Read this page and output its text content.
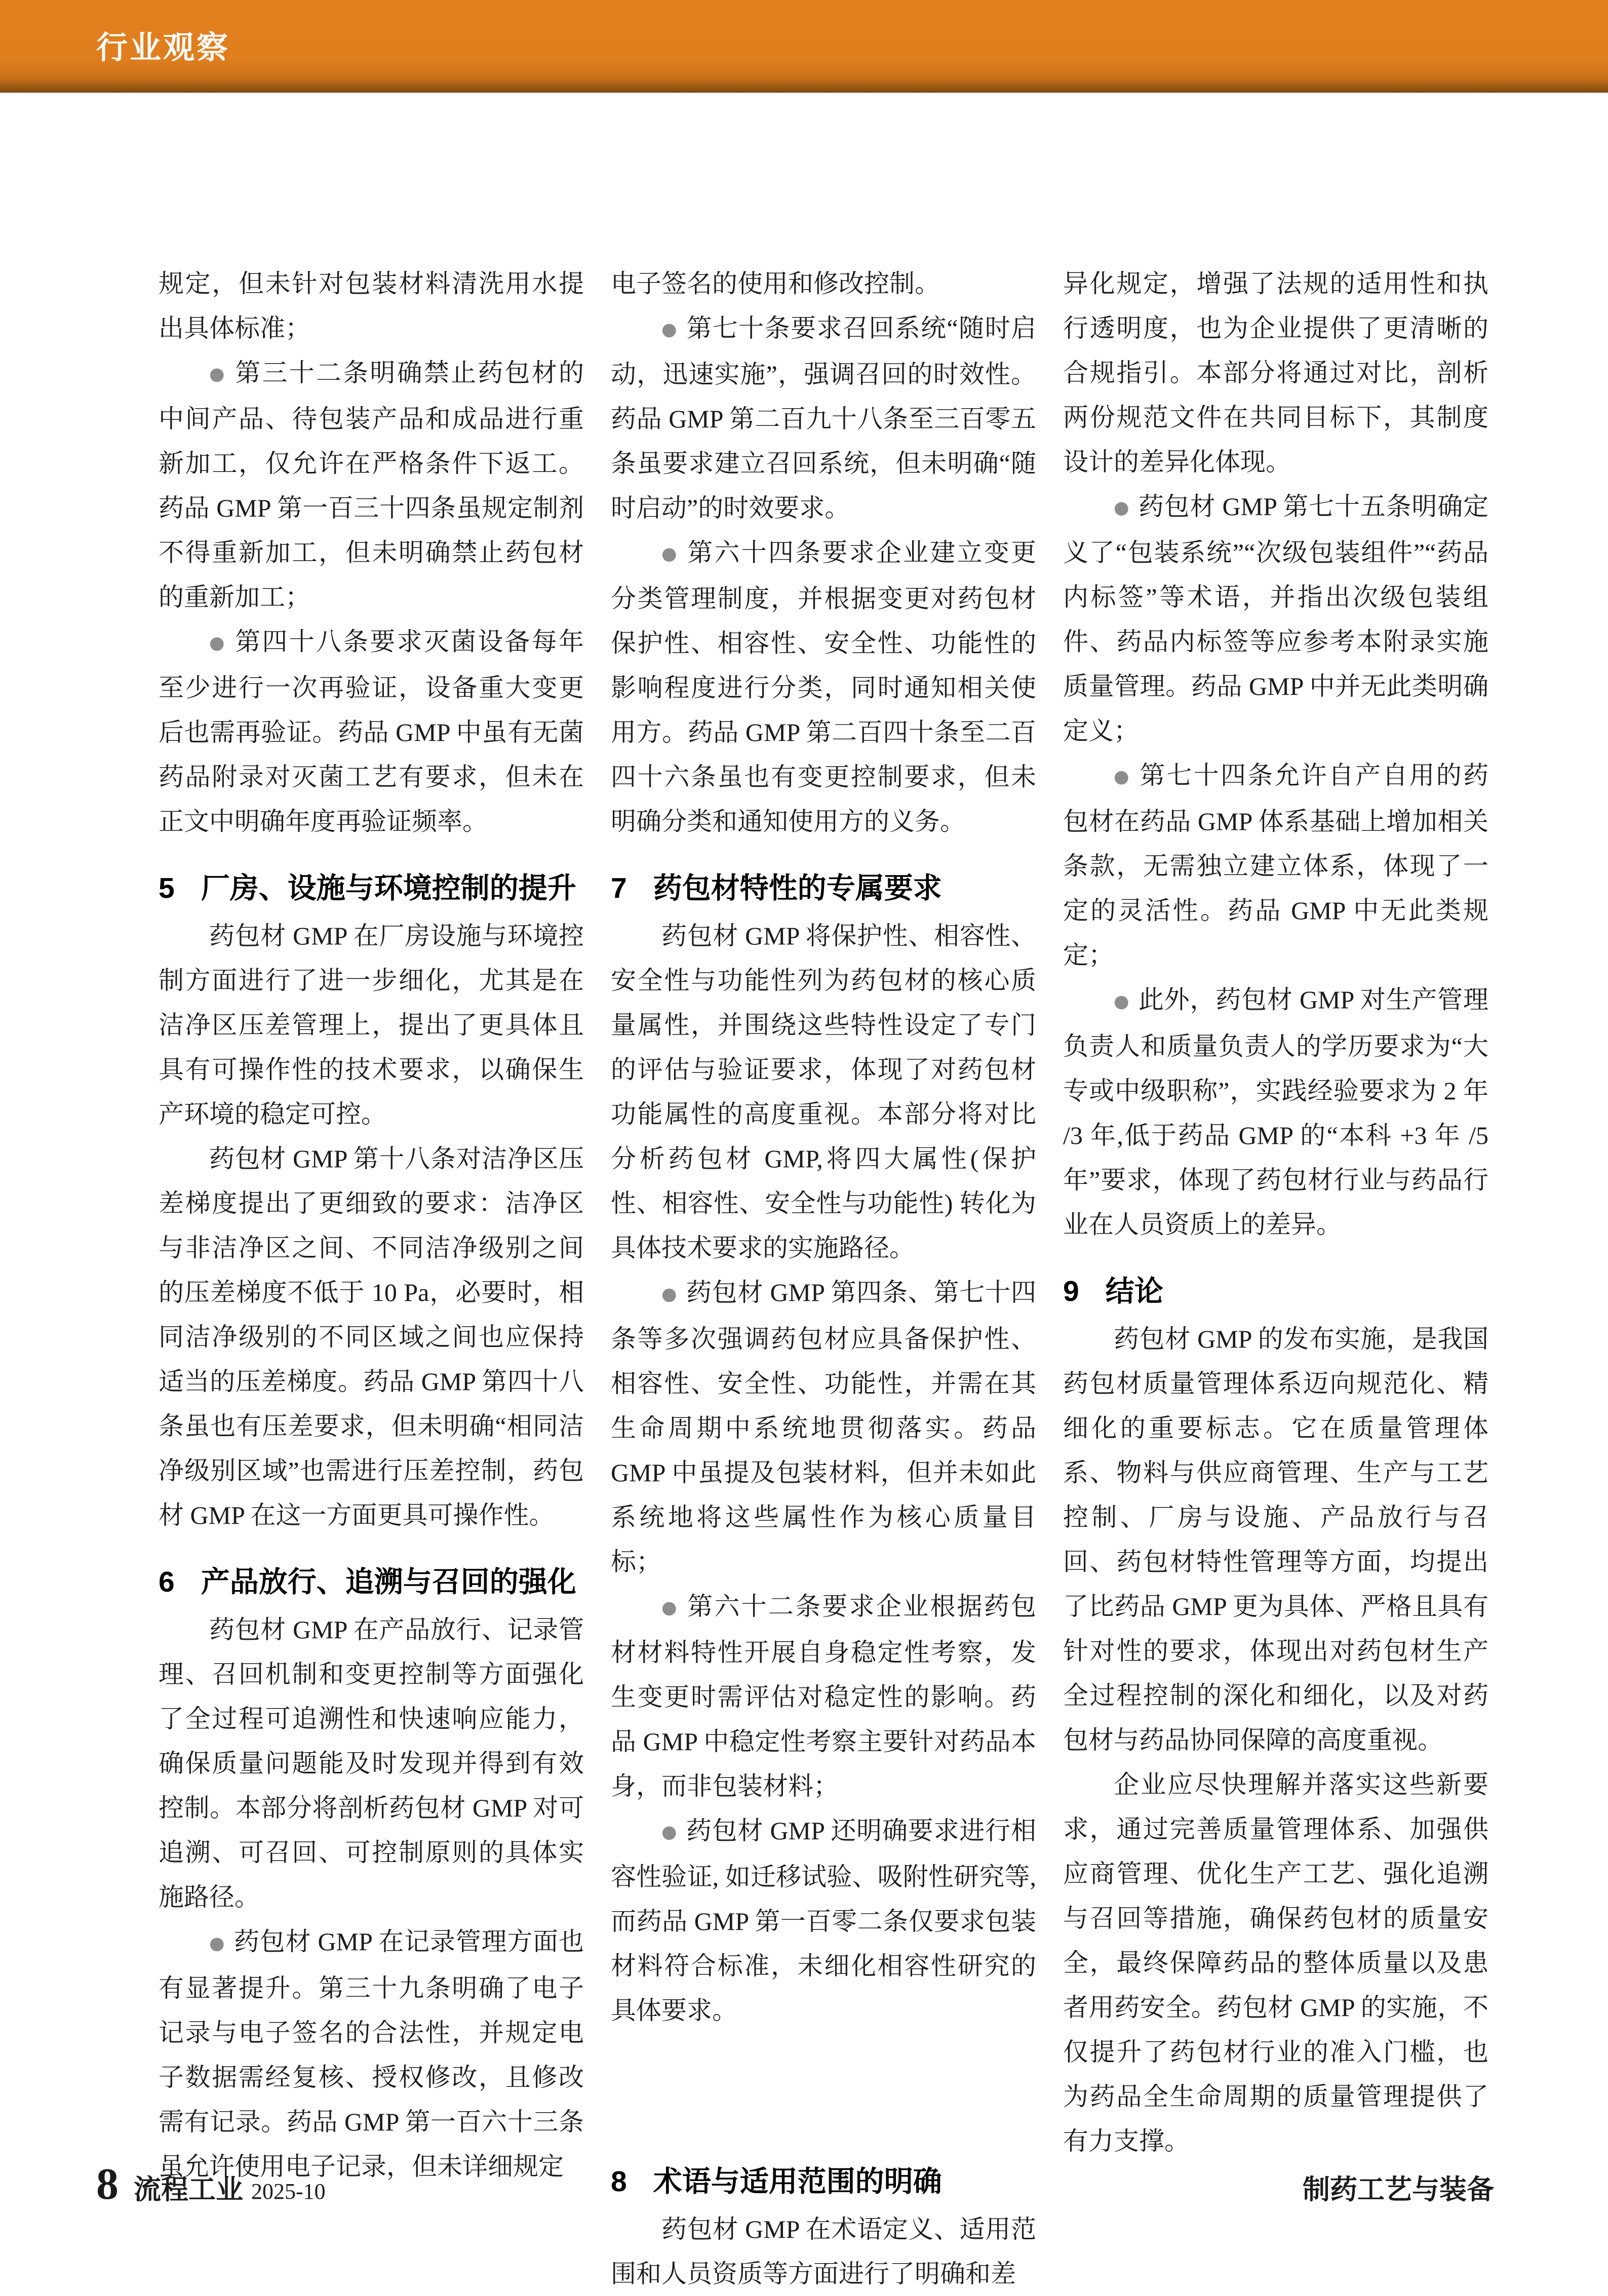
行业观察

规定，但未针对包装材料清洗用水提出具体标准；

● 第三十二条明确禁止药包材的中间产品、待包装产品和成品进行重新加工，仅允许在严格条件下返工。药品 GMP 第一百三十四条虽规定制剂不得重新加工，但未明确禁止药包材的重新加工；

● 第四十八条要求灭菌设备每年至少进行一次再验证，设备重大变更后也需再验证。药品 GMP 中虽有无菌药品附录对灭菌工艺有要求，但未在正文中明确年度再验证频率。

5 厂房、设施与环境控制的提升

药包材 GMP 在厂房设施与环境控制方面进行了进一步细化，尤其是在洁净区压差管理上，提出了更具体且具有可操作性的技术要求，以确保生产环境的稳定可控。

药包材 GMP 第十八条对洁净区压差梯度提出了更细致的要求：洁净区与非洁净区之间、不同洁净级别之间的压差梯度不低于 10 Pa，必要时，相同洁净级别的不同区域之间也应保持适当的压差梯度。药品 GMP 第四十八条虽也有压差要求，但未明确“相同洁净级别区域”也需进行压差控制，药包材 GMP 在这一方面更具可操作性。

6 产品放行、追溯与召回的强化

药包材 GMP 在产品放行、记录管理、召回机制和变更控制等方面强化了全过程可追溯性和快速响应能力，确保质量问题能及时发现并得到有效控制。本部分将剖析药包材 GMP 对可追溯、可召回、可控制原则的具体实施路径。

● 药包材 GMP 在记录管理方面也有显著提升。第三十九条明确了电子记录与电子签名的合法性，并规定电子数据需经复核、授权修改，且修改需有记录。药品 GMP 第一百六十三条虽允许使用电子记录，但未详细规定

电子签名的使用和修改控制。

● 第七十条要求召回系统“随时启动，迅速实施”，强调召回的时效性。药品 GMP 第二百九十八条至三百零五条虽要求建立召回系统，但未明确“随时启动”的时效要求。

● 第六十四条要求企业建立变更分类管理制度，并根据变更对药包材保护性、相容性、安全性、功能性的影响程度进行分类，同时通知相关使用方。药品 GMP 第二百四十条至二百四十六条虽也有变更控制要求，但未明确分类和通知使用方的义务。

7 药包材特性的专属要求

药包材 GMP 将保护性、相容性、安全性与功能性列为药包材的核心质量属性，并围绕这些特性设定了专门的评估与验证要求，体现了对药包材功能属性的高度重视。本部分将对比分析药包材 GMP,将四大属性(保护性、相容性、安全性与功能性) 转化为具体技术要求的实施路径。

● 药包材 GMP 第四条、第七十四条等多次强调药包材应具备保护性、相容性、安全性、功能性，并需在其生命周期中系统地贯彻落实。药品 GMP 中虽提及包装材料，但并未如此系统地将这些属性作为核心质量目标；

● 第六十二条要求企业根据药包材材料特性开展自身稳定性考察，发生变更时需评估对稳定性的影响。药品 GMP 中稳定性考察主要针对药品本身，而非包装材料；

● 药包材 GMP 还明确要求进行相容性验证, 如迁移试验、吸附性研究等, 而药品 GMP 第一百零二条仅要求包装材料符合标准，未细化相容性研究的具体要求。

8 术语与适用范围的明确

药包材 GMP 在术语定义、适用范围和人员资质等方面进行了明确和差

异化规定，增强了法规的适用性和执行透明度，也为企业提供了更清晰的合规指引。本部分将通过对比，剖析两份规范文件在共同目标下，其制度设计的差异化体现。

● 药包材 GMP 第七十五条明确定义了“包装系统”“次级包装组件”“药品内标签”等术语，并指出次级包装组件、药品内标签等应参考本附录实施质量管理。药品 GMP 中并无此类明确定义；

● 第七十四条允许自产自用的药包材在药品 GMP 体系基础上增加相关条款，无需独立建立体系，体现了一定的灵活性。药品 GMP 中无此类规定；

● 此外，药包材 GMP 对生产管理负责人和质量负责人的学历要求为“大专或中级职称”，实践经验要求为 2 年 /3 年,低于药品 GMP 的“本科 +3 年 /5 年”要求，体现了药包材行业与药品行业在人员资质上的差异。

9 结论

药包材 GMP 的发布实施，是我国药包材质量管理体系迈向规范化、精细化的重要标志。它在质量管理体系、物料与供应商管理、生产与工艺控制、厂房与设施、产品放行与召回、药包材特性管理等方面，均提出了比药品 GMP 更为具体、严格且具有针对性的要求，体现出对药包材生产全过程控制的深化和细化，以及对药包材与药品协同保障的高度重视。

企业应尽快理解并落实这些新要求，通过完善质量管理体系、加强供应商管理、优化生产工艺、强化追溯与召回等措施，确保药包材的质量安全，最终保障药品的整体质量以及患者用药安全。药包材 GMP 的实施，不仅提升了药包材行业的准入门槛，也为药品全生命周期的质量管理提供了有力支撑。

8 流程工业 2025-10	制药工艺与装备
